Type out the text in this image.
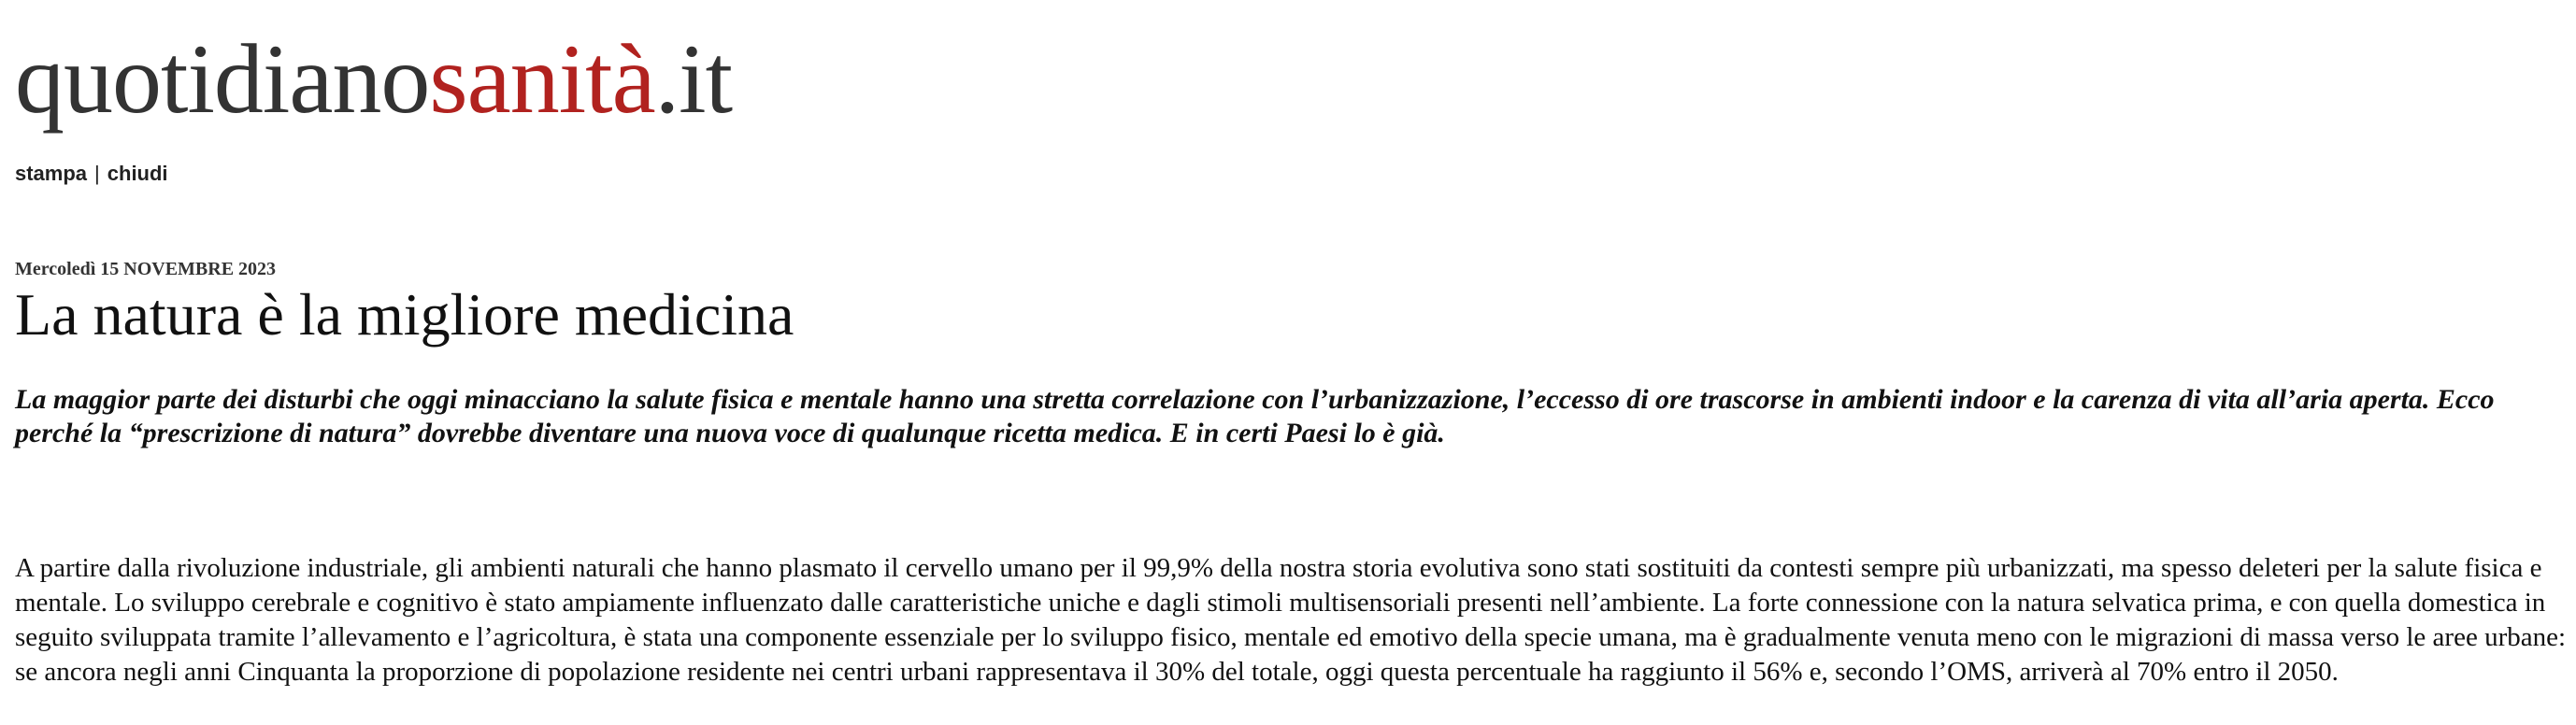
quotidianosanità.it
stampa | chiudi
Mercoledì 15 NOVEMBRE 2023
La natura è la migliore medicina

La maggior parte dei disturbi che oggi minacciano la salute fisica e mentale hanno una stretta correlazione con l’urbanizzazione, l’eccesso di ore trascorse in ambienti indoor e la carenza di vita all’aria aperta. Ecco perché la “prescrizione di natura” dovrebbe diventare una nuova voce di qualunque ricetta medica. E in certi Paesi lo è già.

A partire dalla rivoluzione industriale, gli ambienti naturali che hanno plasmato il cervello umano per il 99,9% della nostra storia evolutiva sono stati sostituiti da contesti sempre più urbanizzati, ma spesso deleteri per la salute fisica e mentale. Lo sviluppo cerebrale e cognitivo è stato ampiamente influenzato dalle caratteristiche uniche e dagli stimoli multisensoriali presenti nell’ambiente. La forte connessione con la natura selvatica prima, e con quella domestica in seguito sviluppata tramite l’allevamento e l’agricoltura, è stata una componente essenziale per lo sviluppo fisico, mentale ed emotivo della specie umana, ma è gradualmente venuta meno con le migrazioni di massa verso le aree urbane: se ancora negli anni Cinquanta la proporzione di popolazione residente nei centri urbani rappresentava il 30% del totale, oggi questa percentuale ha raggiunto il 56% e, secondo l’OMS, arriverà al 70% entro il 2050.
